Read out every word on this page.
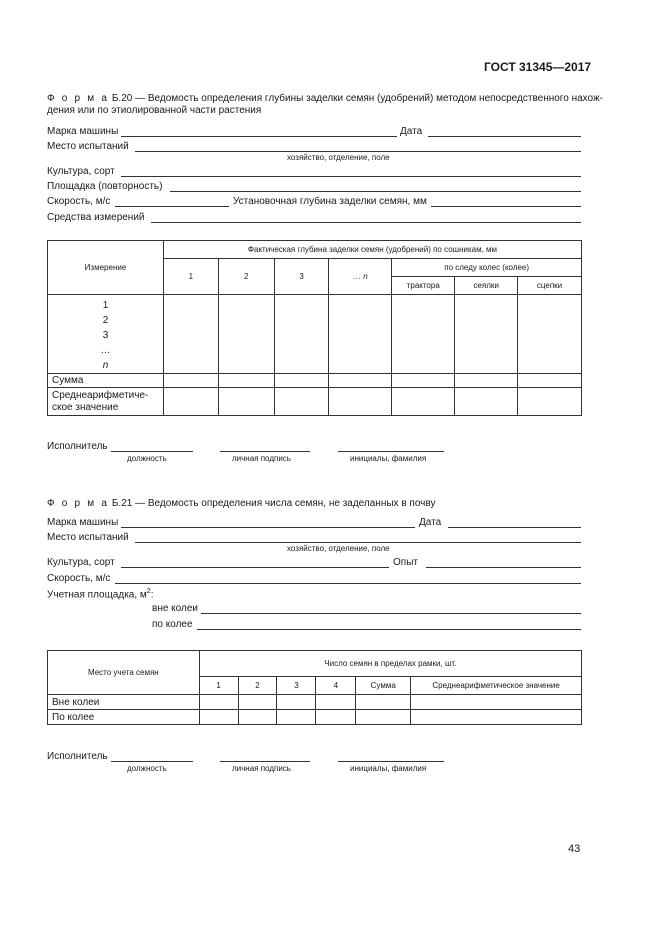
ГОСТ 31345—2017
Ф о р м а Б.20 — Ведомость определения глубины заделки семян (удобрений) методом непосредственного нахож-
дения или по этиолированной части растения
Марка машины	Дата
Место испытаний
хозяйство, отделение, поле
Культура, сорт
Площадка (повторность)
Скорость, м/с	Установочная глубина заделки семян, мм
Средства измерений
Измерение	Фактическая глубина заделки семян (удобрений) по сошникам, мм						
	1	2	3	… n	по следу колес (колее)		
					трактора	сеялки	сцепки

1
2
3
…
n							

Сумма							

Среднеарифметиче-
ское значение							

Исполнитель
должность	личная подпись	инициалы, фамилия
Ф о р м а Б.21 — Ведомость определения числа семян, не заделанных в почву
Марка машины	Дата
Место испытаний
хозяйство, отделение, поле
Культура, сорт	Опыт
Скорость, м/с
Учетная площадка, $м^2$:
вне колеи
по колее
Место учета семян	Число семян в пределах рамки, шт.					
	1	2	3	4	Сумма	Среднеарифметическое значение
Вне колеи						
По колее						
Исполнитель
должность	личная подпись	инициалы, фамилия
43
